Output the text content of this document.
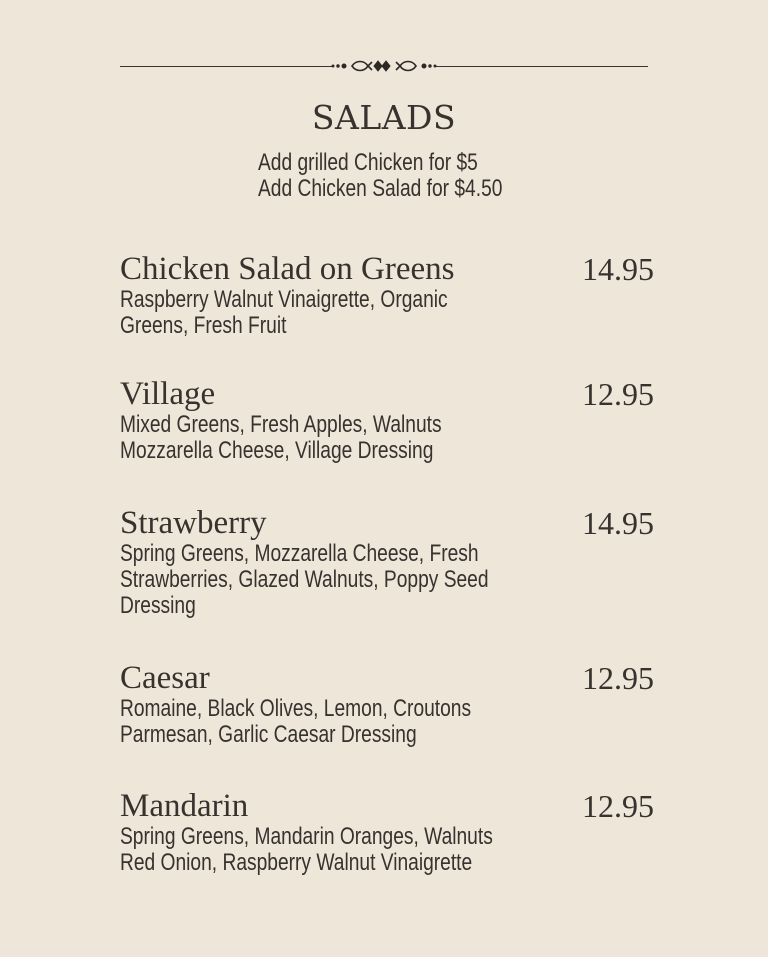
SALADS
Add grilled Chicken for $5
Add Chicken Salad for $4.50
Chicken Salad on Greens	14.95
Raspberry Walnut Vinaigrette, Organic Greens, Fresh Fruit
Village	12.95
Mixed Greens, Fresh Apples, Walnuts Mozzarella Cheese, Village Dressing
Strawberry	14.95
Spring Greens, Mozzarella Cheese, Fresh Strawberries, Glazed Walnuts, Poppy Seed Dressing
Caesar	12.95
Romaine, Black Olives, Lemon, Croutons Parmesan, Garlic Caesar Dressing
Mandarin	12.95
Spring Greens, Mandarin Oranges, Walnuts Red Onion, Raspberry Walnut Vinaigrette
